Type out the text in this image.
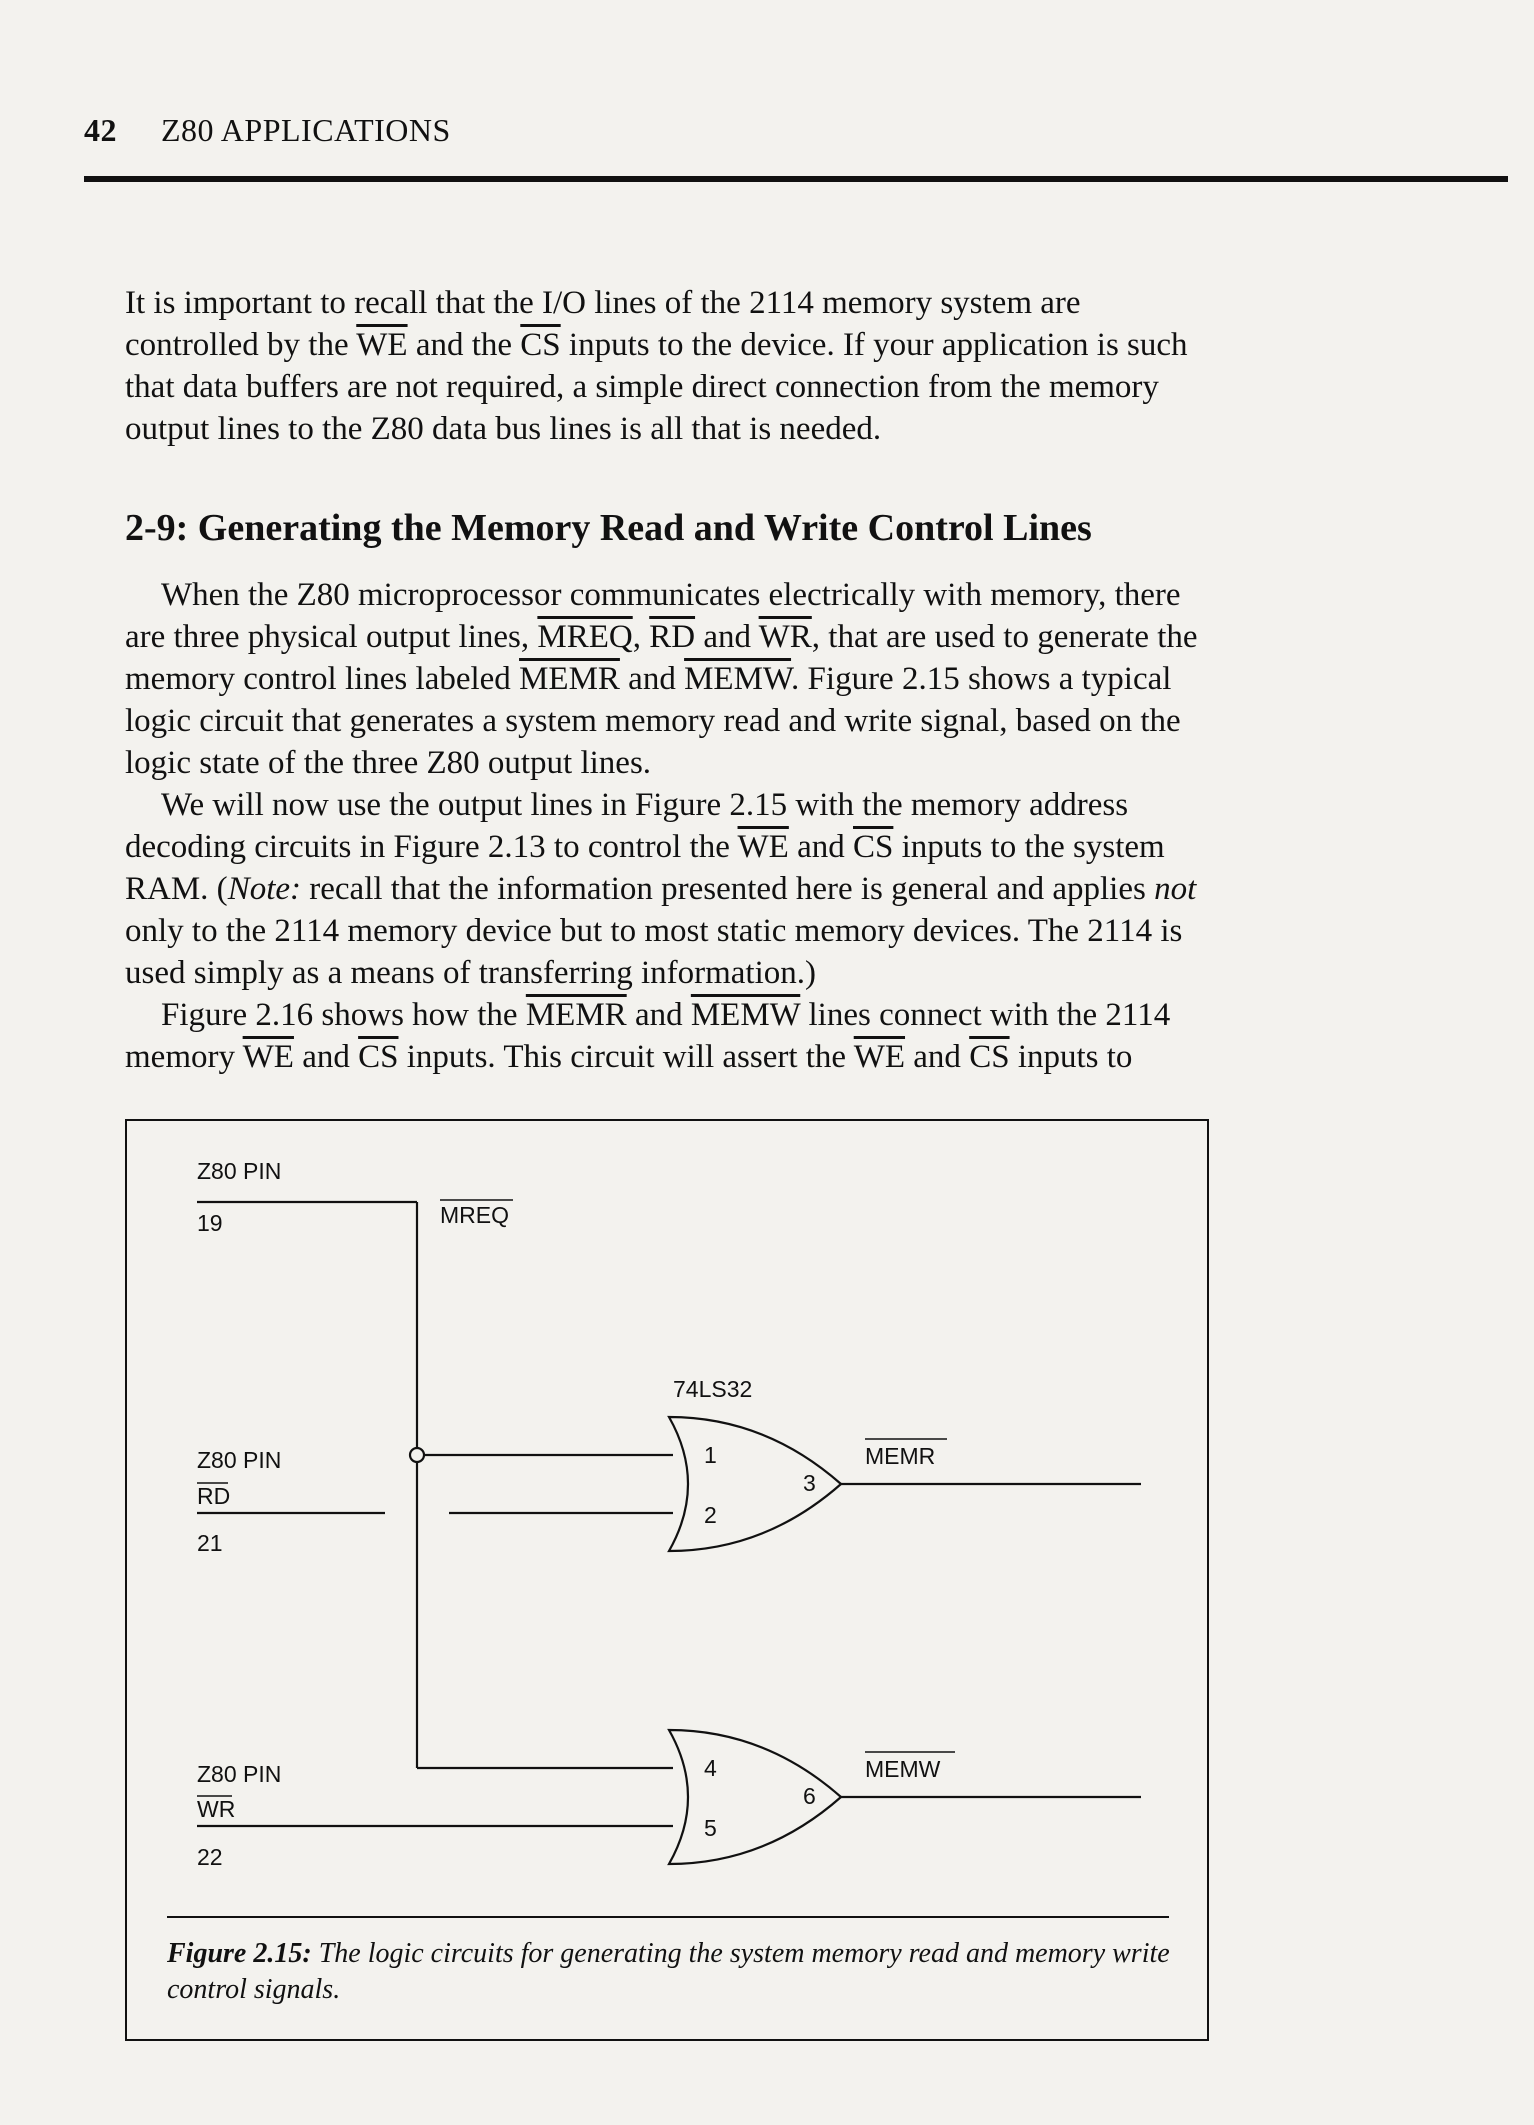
42 Z80 APPLICATIONS

It is important to recall that the I/O lines of the 2114 memory system are controlled by the $\overline{WE}$ and the $\overline{CS}$ inputs to the device. If your application is such that data buffers are not required, a simple direct connection from the memory output lines to the Z80 data bus lines is all that is needed.

2-9: Generating the Memory Read and Write Control Lines
When the Z80 microprocessor communicates electrically with memory, there are three physical output lines, MREQ, $\overline{RD}$ and $\overline{WR}$, that are used to generate the memory control lines labeled MEMR and MEMW. Figure 2.15 shows a typical logic circuit that generates a system memory read and write signal, based on the logic state of the three Z80 output lines.
We will now use the output lines in Figure 2.15 with the memory address decoding circuits in Figure 2.13 to control the $\overline{WE}$ and $\overline{CS}$ inputs to the system RAM. (Note: recall that the information presented here is general and applies not only to the 2114 memory device but to most static memory devices. The 2114 is used simply as a means of transferring information.)
Figure 2.16 shows how the MEMR and MEMW lines connect with the 2114 memory $\overline{WE}$ and $\overline{CS}$ inputs. This circuit will assert the $\overline{WE}$ and $\overline{CS}$ inputs to
Z80 PIN
19	MREQ
74LS32
Z80 PIN
RD
21
1
2
3
MEMR
Z80 PIN
WR
22
4
5
6
MEMW

Figure 2.15: The logic circuits for generating the system memory read and memory write control signals.
